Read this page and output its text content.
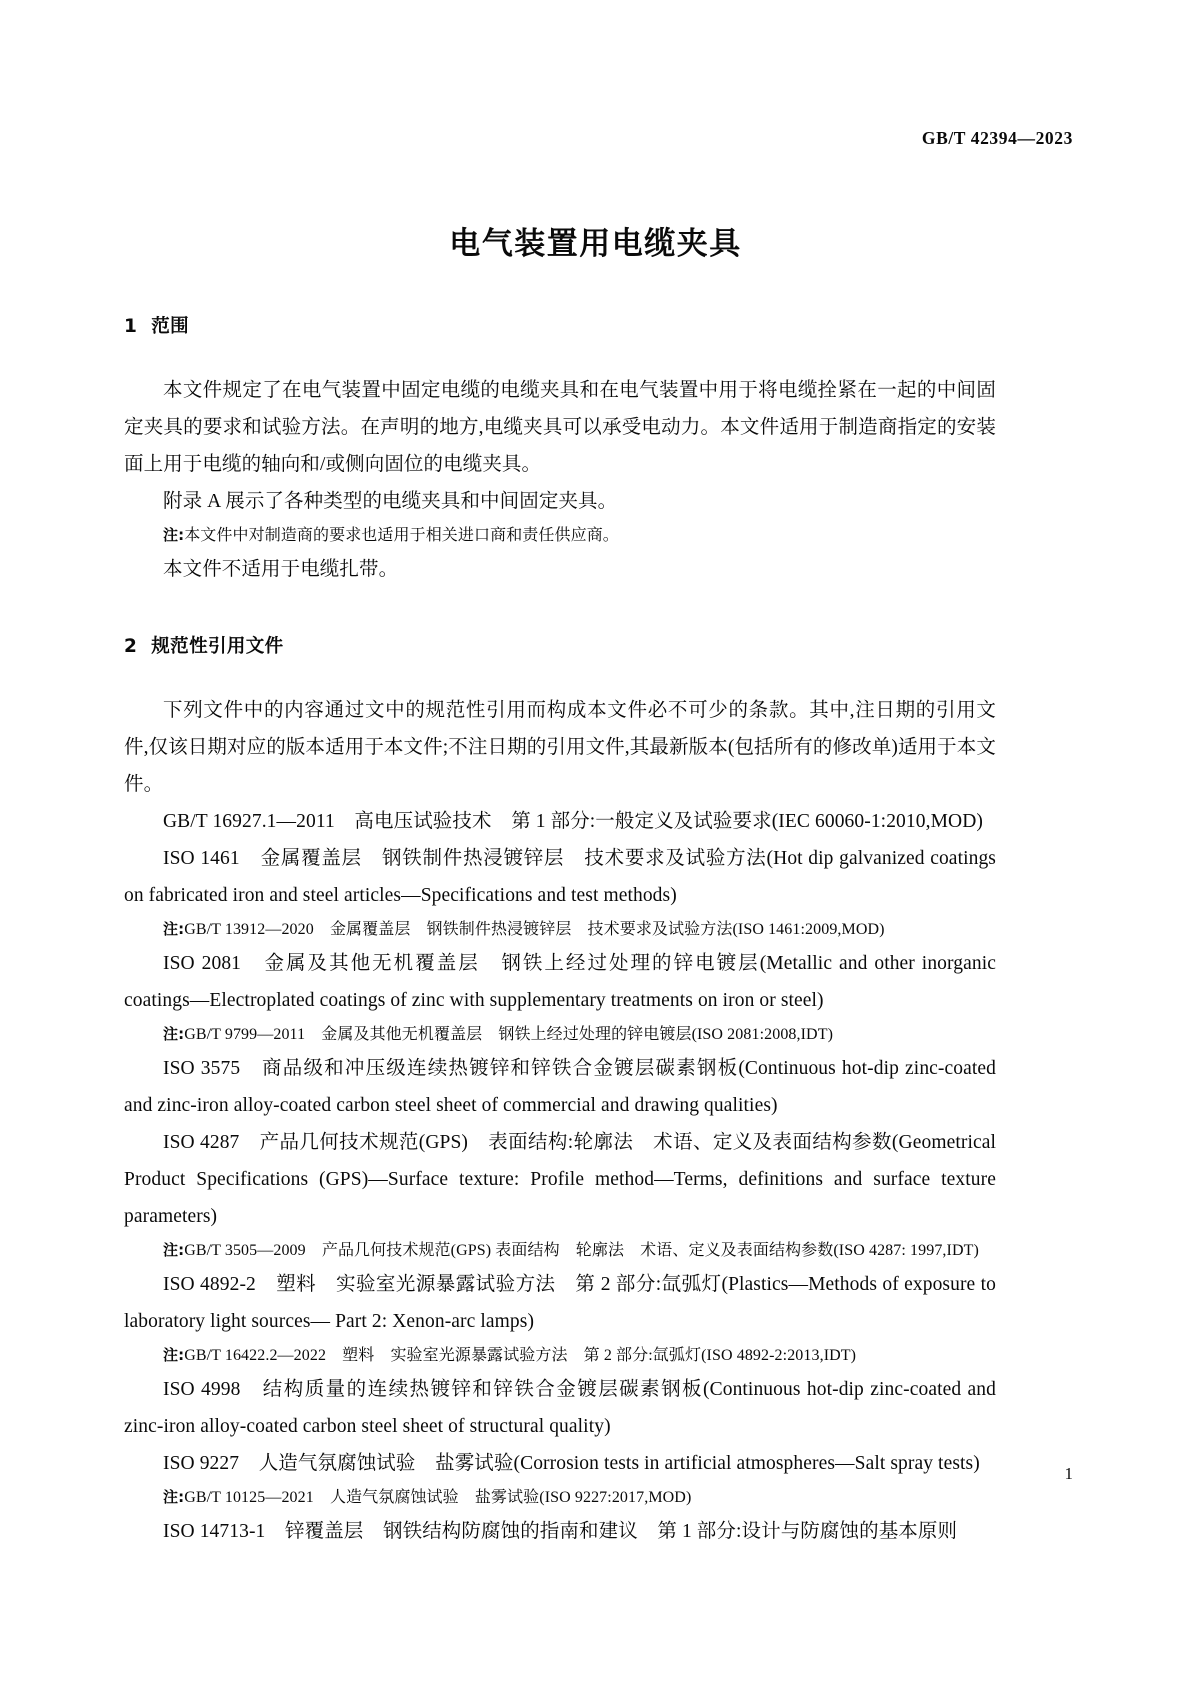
GB/T 42394—2023
电气装置用电缆夹具
1 范围

本文件规定了在电气装置中固定电缆的电缆夹具和在电气装置中用于将电缆拴紧在一起的中间固定夹具的要求和试验方法。在声明的地方,电缆夹具可以承受电动力。本文件适用于制造商指定的安装面上用于电缆的轴向和/或侧向固位的电缆夹具。

附录 A 展示了各种类型的电缆夹具和中间固定夹具。

注:本文件中对制造商的要求也适用于相关进口商和责任供应商。

本文件不适用于电缆扎带。

2 规范性引用文件

下列文件中的内容通过文中的规范性引用而构成本文件必不可少的条款。其中,注日期的引用文件,仅该日期对应的版本适用于本文件;不注日期的引用文件,其最新版本(包括所有的修改单)适用于本文件。

GB/T 16927.1—2011　高电压试验技术　第 1 部分:一般定义及试验要求(IEC 60060-1:2010,MOD)

ISO 1461　金属覆盖层　钢铁制件热浸镀锌层　技术要求及试验方法(Hot dip galvanized coatings on fabricated iron and steel articles—Specifications and test methods)

注:GB/T 13912—2020　金属覆盖层　钢铁制件热浸镀锌层　技术要求及试验方法(ISO 1461:2009,MOD)

ISO 2081　金属及其他无机覆盖层　钢铁上经过处理的锌电镀层(Metallic and other inorganic coatings—Electroplated coatings of zinc with supplementary treatments on iron or steel)

注:GB/T 9799—2011　金属及其他无机覆盖层　钢铁上经过处理的锌电镀层(ISO 2081:2008,IDT)

ISO 3575　商品级和冲压级连续热镀锌和锌铁合金镀层碳素钢板(Continuous hot-dip zinc-coated and zinc-iron alloy-coated carbon steel sheet of commercial and drawing qualities)

ISO 4287　产品几何技术规范(GPS)　表面结构:轮廓法　术语、定义及表面结构参数(Geometrical Product Specifications (GPS)—Surface texture: Profile method—Terms, definitions and surface texture parameters)

注:GB/T 3505—2009　产品几何技术规范(GPS) 表面结构　轮廓法　术语、定义及表面结构参数(ISO 4287: 1997,IDT)

ISO 4892-2　塑料　实验室光源暴露试验方法　第 2 部分:氙弧灯(Plastics—Methods of exposure to laboratory light sources— Part 2: Xenon-arc lamps)

注:GB/T 16422.2—2022　塑料　实验室光源暴露试验方法　第 2 部分:氙弧灯(ISO 4892-2:2013,IDT)

ISO 4998　结构质量的连续热镀锌和锌铁合金镀层碳素钢板(Continuous hot-dip zinc-coated and zinc-iron alloy-coated carbon steel sheet of structural quality)

ISO 9227　人造气氛腐蚀试验　盐雾试验(Corrosion tests in artificial atmospheres—Salt spray tests)

注:GB/T 10125—2021　人造气氛腐蚀试验　盐雾试验(ISO 9227:2017,MOD)

ISO 14713-1　锌覆盖层　钢铁结构防腐蚀的指南和建议　第 1 部分:设计与防腐蚀的基本原则

1
